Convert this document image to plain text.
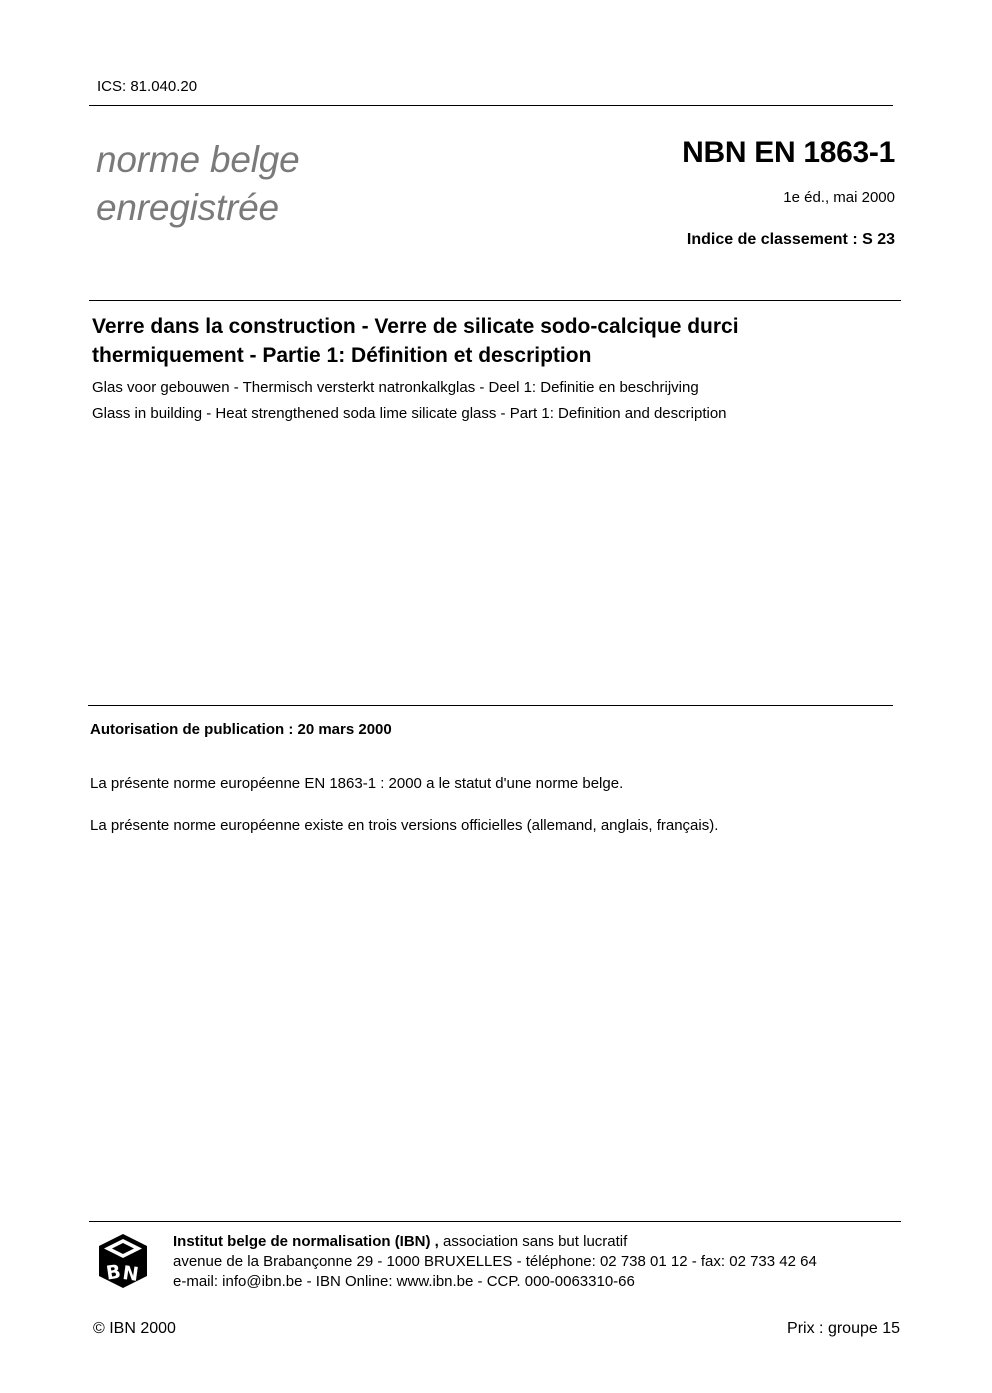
ICS: 81.040.20
norme belge
enregistrée
NBN EN 1863-1
1e éd., mai 2000
Indice de classement : S 23
Verre dans la construction - Verre de silicate sodo-calcique durci thermiquement - Partie 1: Définition et description
Glas voor gebouwen - Thermisch versterkt natronkalkglas - Deel 1: Definitie en beschrijving
Glass in building - Heat strengthened soda lime silicate glass - Part 1: Definition and description
Autorisation de publication : 20 mars 2000
La présente norme européenne EN 1863-1 : 2000 a le statut d'une norme belge.
La présente norme européenne existe en trois versions officielles (allemand, anglais, français).
B
N
Institut belge de normalisation (IBN) , association sans but lucratif
avenue de la Brabançonne 29 - 1000 BRUXELLES - téléphone: 02 738 01 12 - fax: 02 733 42 64
e-mail: info@ibn.be - IBN Online: www.ibn.be - CCP. 000-0063310-66
© IBN 2000	Prix : groupe 15
